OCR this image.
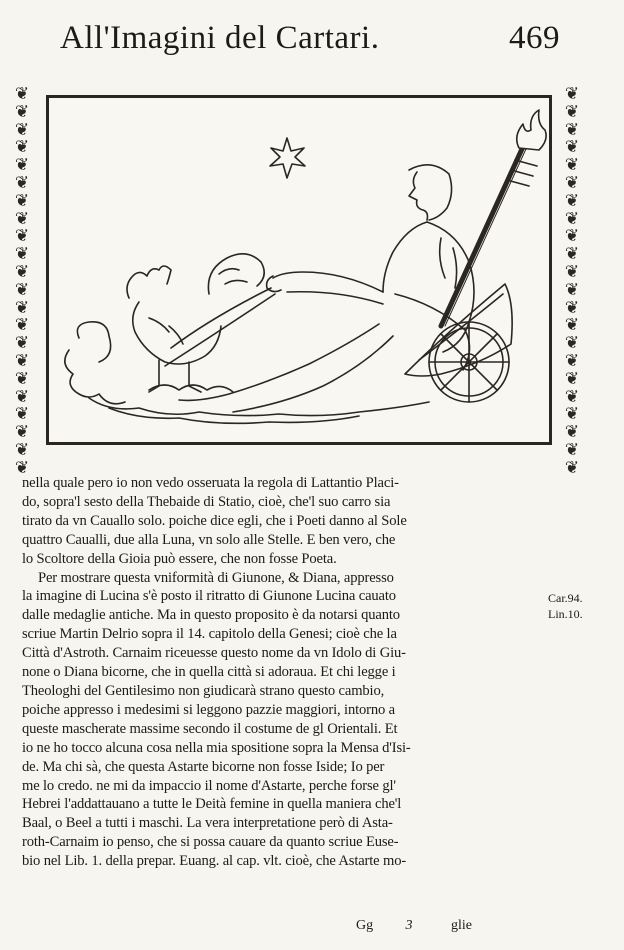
All'Imagini del Cartari.	469
❦❦❦❦❦❦❦❦❦❦❦❦❦❦❦❦❦❦❦❦❦❦
❦❦❦❦❦❦❦❦❦❦❦❦❦❦❦❦❦❦❦❦❦❦

nella quale pero io non vedo osseruata la regola di Lattantio Placi-
do, sopra'l sesto della Thebaide di Statio, cioè, che'l suo carro sia
tirato da vn Cauallo solo. poiche dice egli, che i Poeti danno al Sole
quattro Caualli, due alla Luna, vn solo alle Stelle. E ben vero, che
lo Scoltore della Gioia può essere, che non fosse Poeta.

Per mostrare questa vniformità di Giunone, & Diana, appresso
la imagine di Lucina s'è posto il ritratto di Giunone Lucina cauato
dalle medaglie antiche. Ma in questo proposito è da notarsi quanto
scriue Martin Delrio sopra il 14. capitolo della Genesi; cioè che la
Città d'Astroth. Carnaim riceuesse questo nome da vn Idolo di Giu-
none o Diana bicorne, che in quella città si adoraua. Et chi legge i
Theologhi del Gentilesimo non giudicarà strano questo cambio,
poiche appresso i medesimi si leggono pazzie maggiori, intorno a
queste mascherate massime secondo il costume de gl Orientali. Et
io ne ho tocco alcuna cosa nella mia spositione sopra la Mensa d'Isi-
de. Ma chi sà, che questa Astarte bicorne non fosse Iside; Io per
me lo credo. ne mi da impaccio il nome d'Astarte, perche forse gl'
Hebrei l'addattauano a tutte le Deità femine in quella maniera che'l
Baal, o Beel a tutti i maschi. La vera interpretatione però di Asta-
roth-Carnaim io penso, che si possa cauare da quanto scriue Euse-
bio nel Lib. 1. della prepar. Euang. al cap. vlt. cioè, che Astarte mo-

Car.94.
Lin.10.
Gg 3	glie
